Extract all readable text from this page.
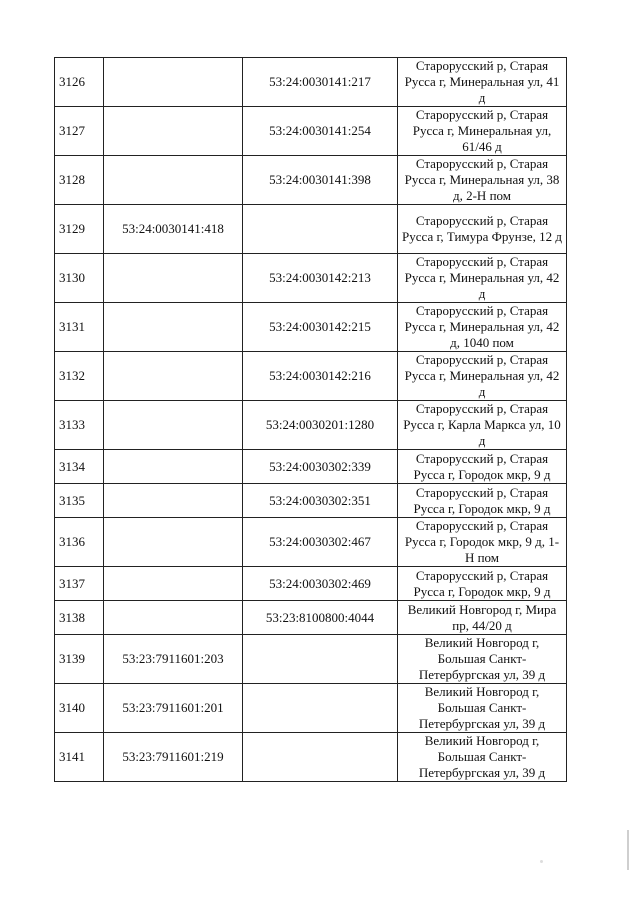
3126		53:24:0030141:217	Старорусский р, Старая Русса г, Минеральная ул, 41 д
3127		53:24:0030141:254	Старорусский р, Старая Русса г, Минеральная ул, 61/46 д
3128		53:24:0030141:398	Старорусский р, Старая Русса г, Минеральная ул, 38 д, 2-Н пом
3129	53:24:0030141:418		Старорусский р, Старая Русса г, Тимура Фрунзе, 12 д
3130		53:24:0030142:213	Старорусский р, Старая Русса г, Минеральная ул, 42 д
3131		53:24:0030142:215	Старорусский р, Старая Русса г, Минеральная ул, 42 д, 1040 пом
3132		53:24:0030142:216	Старорусский р, Старая Русса г, Минеральная ул, 42 д
3133		53:24:0030201:1280	Старорусский р, Старая Русса г, Карла Маркса ул, 10 д
3134		53:24:0030302:339	Старорусский р, Старая Русса г, Городок мкр, 9 д
3135		53:24:0030302:351	Старорусский р, Старая Русса г, Городок мкр, 9 д
3136		53:24:0030302:467	Старорусский р, Старая Русса г, Городок мкр, 9 д, 1-Н пом
3137		53:24:0030302:469	Старорусский р, Старая Русса г, Городок мкр, 9 д
3138		53:23:8100800:4044	Великий Новгород г, Мира пр, 44/20 д
3139	53:23:7911601:203		Великий Новгород г, Большая Санкт-Петербургская ул, 39 д
3140	53:23:7911601:201		Великий Новгород г, Большая Санкт-Петербургская ул, 39 д
3141	53:23:7911601:219		Великий Новгород г, Большая Санкт-Петербургская ул, 39 д
